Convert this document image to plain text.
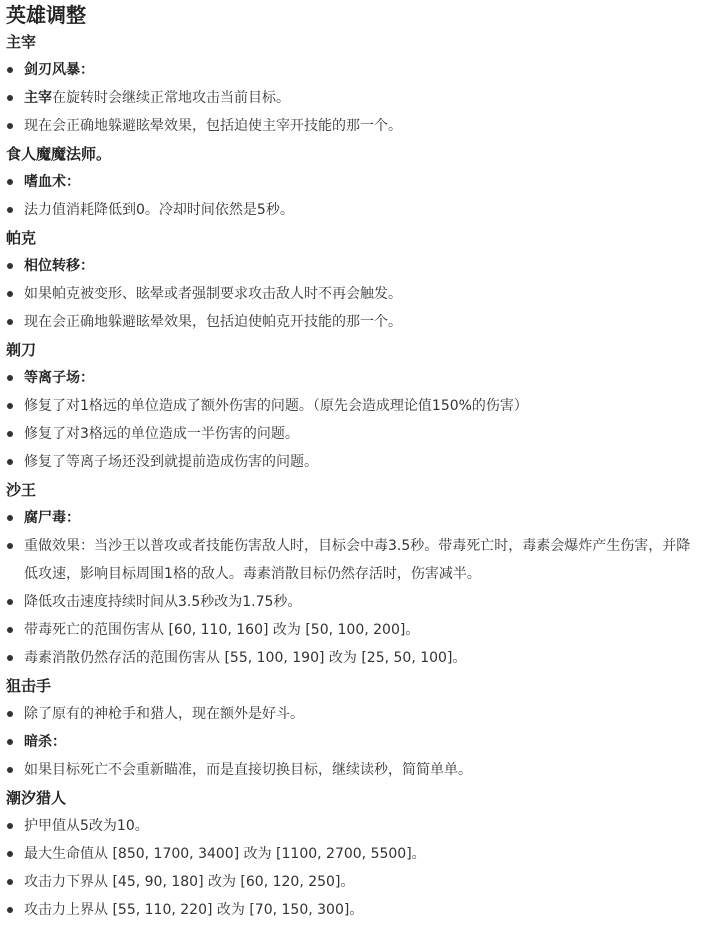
英雄调整
主宰
剑刃风暴：
主宰在旋转时会继续正常地攻击当前目标。
现在会正确地躲避眩晕效果，包括迫使主宰开技能的那一个。
食人魔魔法师。
嗜血术：
法力值消耗降低到0。冷却时间依然是5秒。
帕克
相位转移：
如果帕克被变形、眩晕或者强制要求攻击敌人时不再会触发。
现在会正确地躲避眩晕效果，包括迫使帕克开技能的那一个。
剃刀
等离子场：
修复了对1格远的单位造成了额外伤害的问题。（原先会造成理论值150%的伤害）
修复了对3格远的单位造成一半伤害的问题。
修复了等离子场还没到就提前造成伤害的问题。
沙王
腐尸毒：
重做效果：当沙王以普攻或者技能伤害敌人时，目标会中毒3.5秒。带毒死亡时，毒素会爆炸产生伤害，并降低攻速，影响目标周围1格的敌人。毒素消散目标仍然存活时，伤害减半。
降低攻击速度持续时间从3.5秒改为1.75秒。
带毒死亡的范围伤害从 [60, 110, 160] 改为 [50, 100, 200]。
毒素消散仍然存活的范围伤害从 [55, 100, 190] 改为 [25, 50, 100]。
狙击手
除了原有的神枪手和猎人，现在额外是好斗。
暗杀：
如果目标死亡不会重新瞄准，而是直接切换目标，继续读秒，简简单单。
潮汐猎人
护甲值从5改为10。
最大生命值从 [850, 1700, 3400] 改为 [1100, 2700, 5500]。
攻击力下界从 [45, 90, 180] 改为 [60, 120, 250]。
攻击力上界从 [55, 110, 220] 改为 [70, 150, 300]。
